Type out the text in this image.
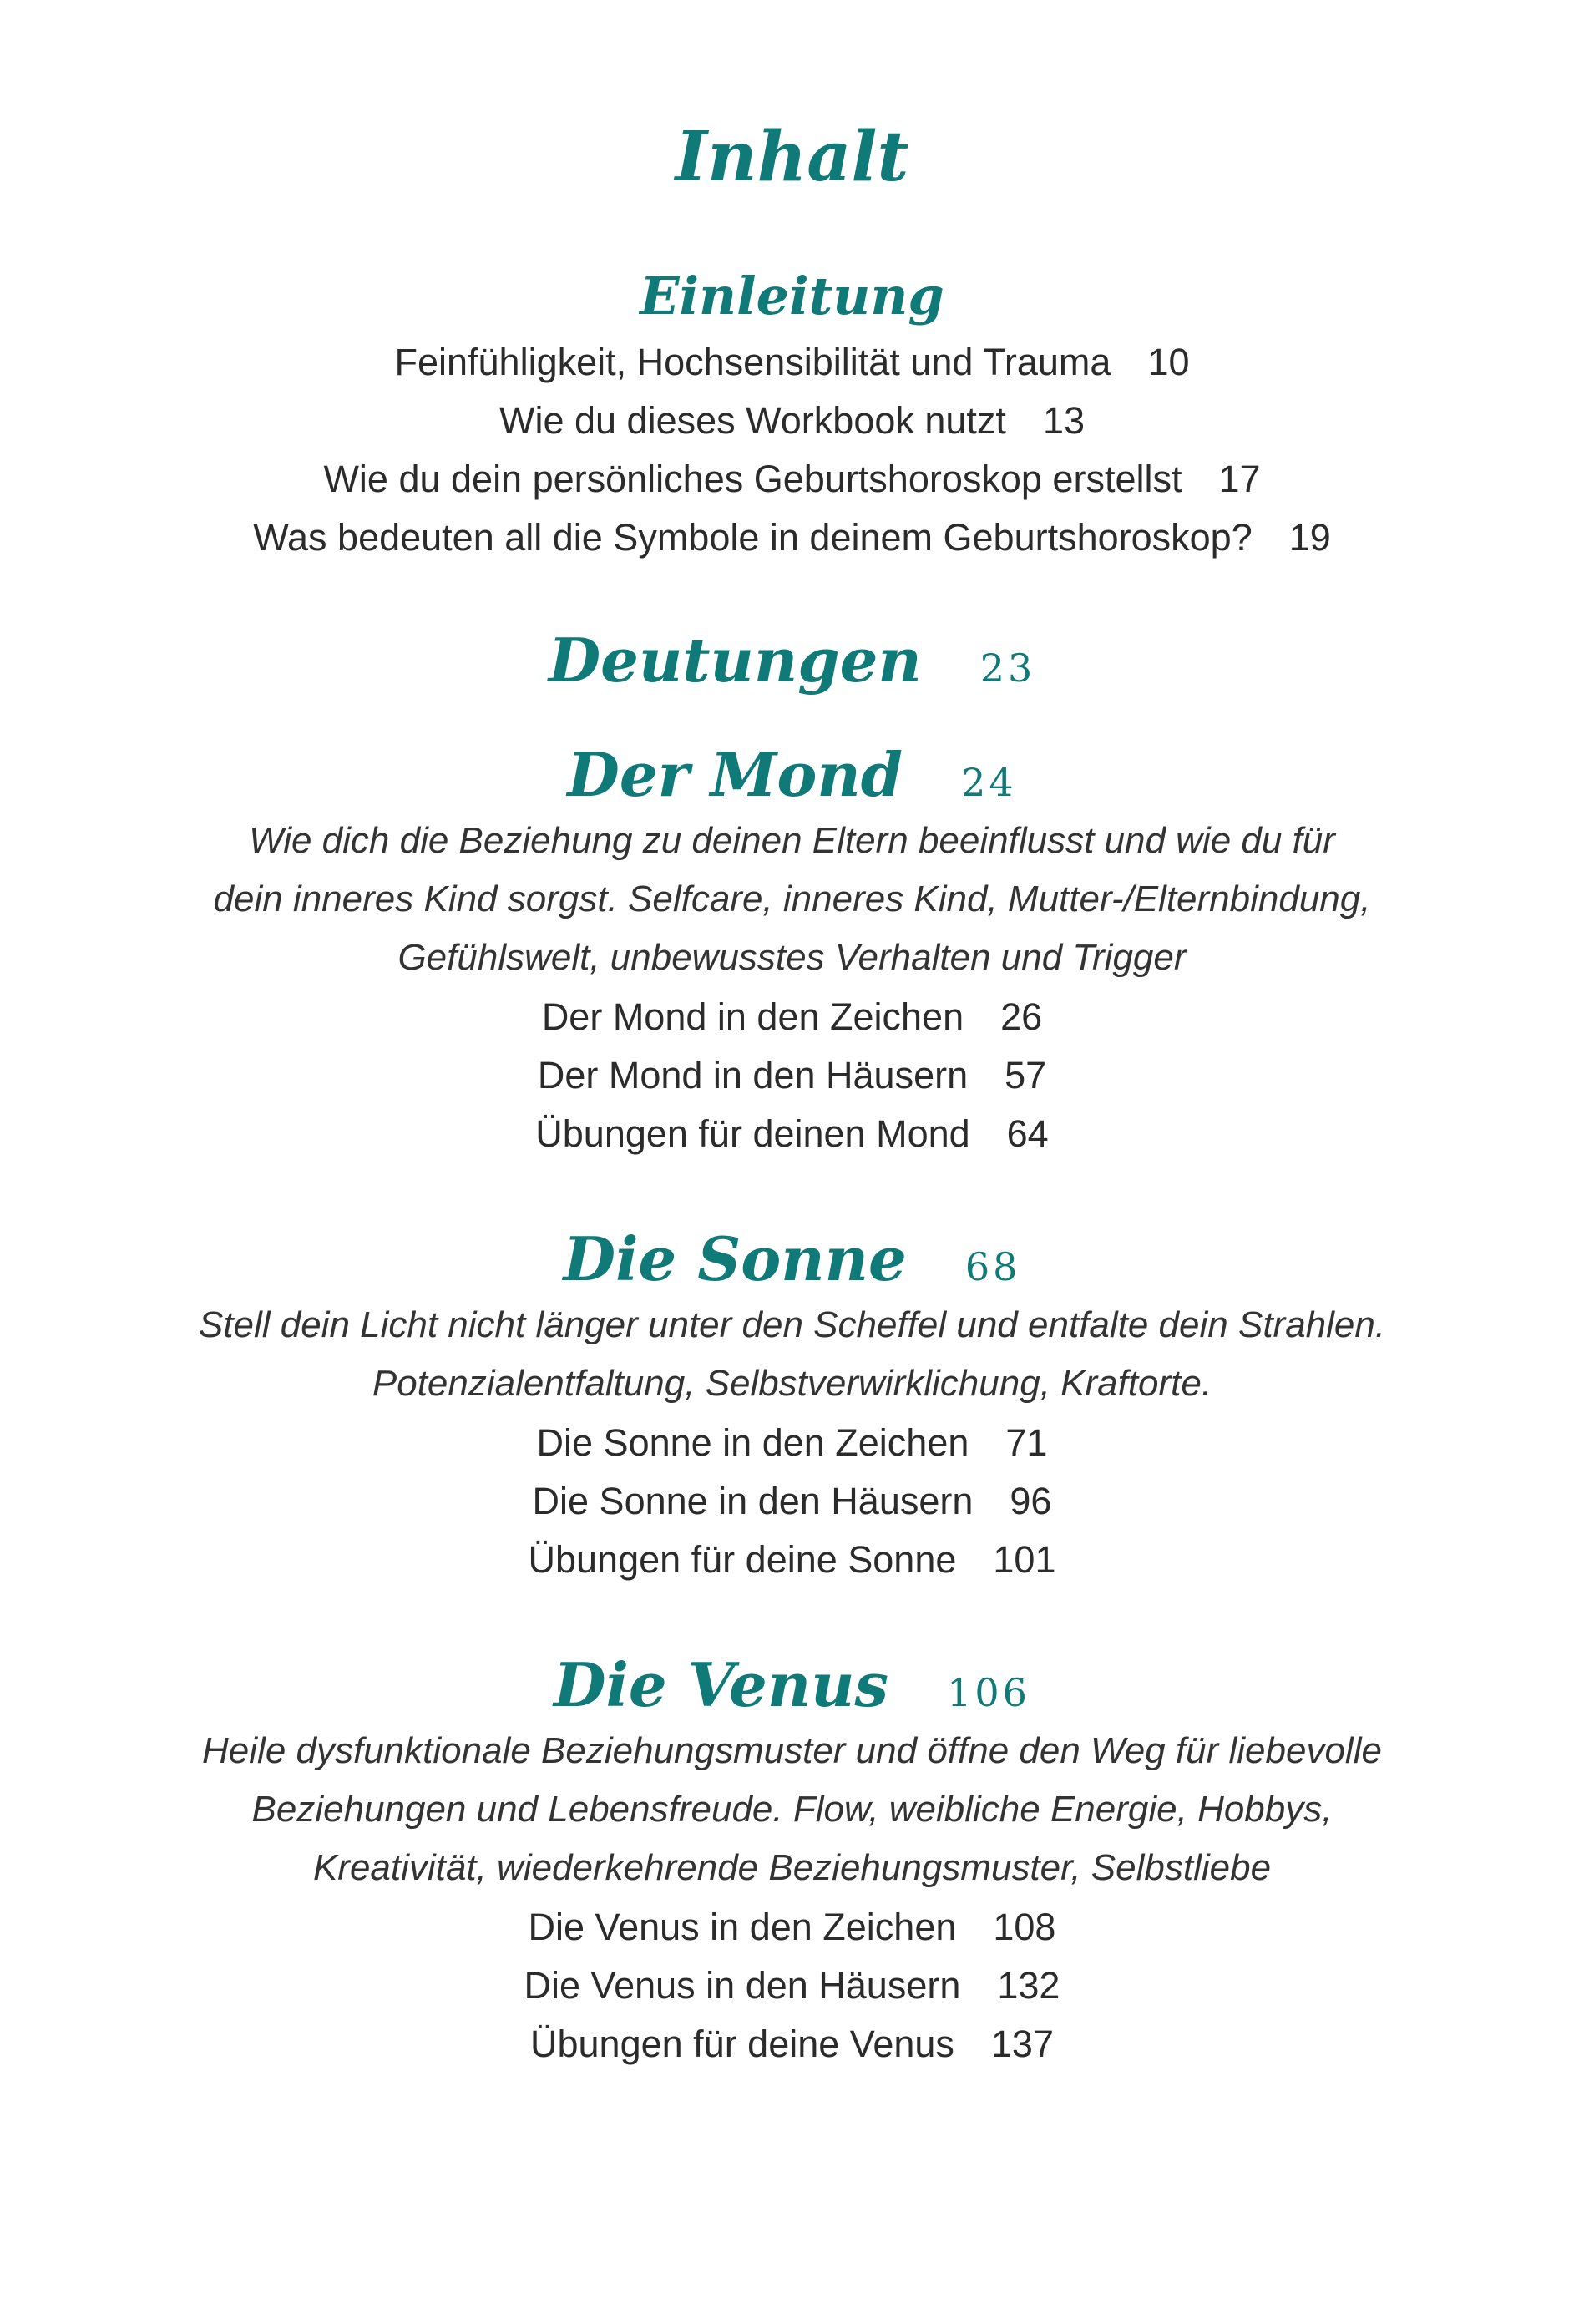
Inhalt
Einleitung
Feinfühligkeit, Hochsensibilität und Trauma 10
Wie du dieses Workbook nutzt 13
Wie du dein persönliches Geburtshoroskop erstellst 17
Was bedeuten all die Symbole in deinem Geburtshoroskop? 19
Deutungen 23
Der Mond 24
Wie dich die Beziehung zu deinen Eltern beeinflusst und wie du für
dein inneres Kind sorgst. Selfcare, inneres Kind, Mutter-/Elternbindung,
Gefühlswelt, unbewusstes Verhalten und Trigger
Der Mond in den Zeichen 26
Der Mond in den Häusern 57
Übungen für deinen Mond 64
Die Sonne 68
Stell dein Licht nicht länger unter den Scheffel und entfalte dein Strahlen.
Potenzialentfaltung, Selbstverwirklichung, Kraftorte.
Die Sonne in den Zeichen 71
Die Sonne in den Häusern 96
Übungen für deine Sonne 101
Die Venus 106
Heile dysfunktionale Beziehungsmuster und öffne den Weg für liebevolle
Beziehungen und Lebensfreude. Flow, weibliche Energie, Hobbys,
Kreativität, wiederkehrende Beziehungsmuster, Selbstliebe
Die Venus in den Zeichen 108
Die Venus in den Häusern 132
Übungen für deine Venus 137
